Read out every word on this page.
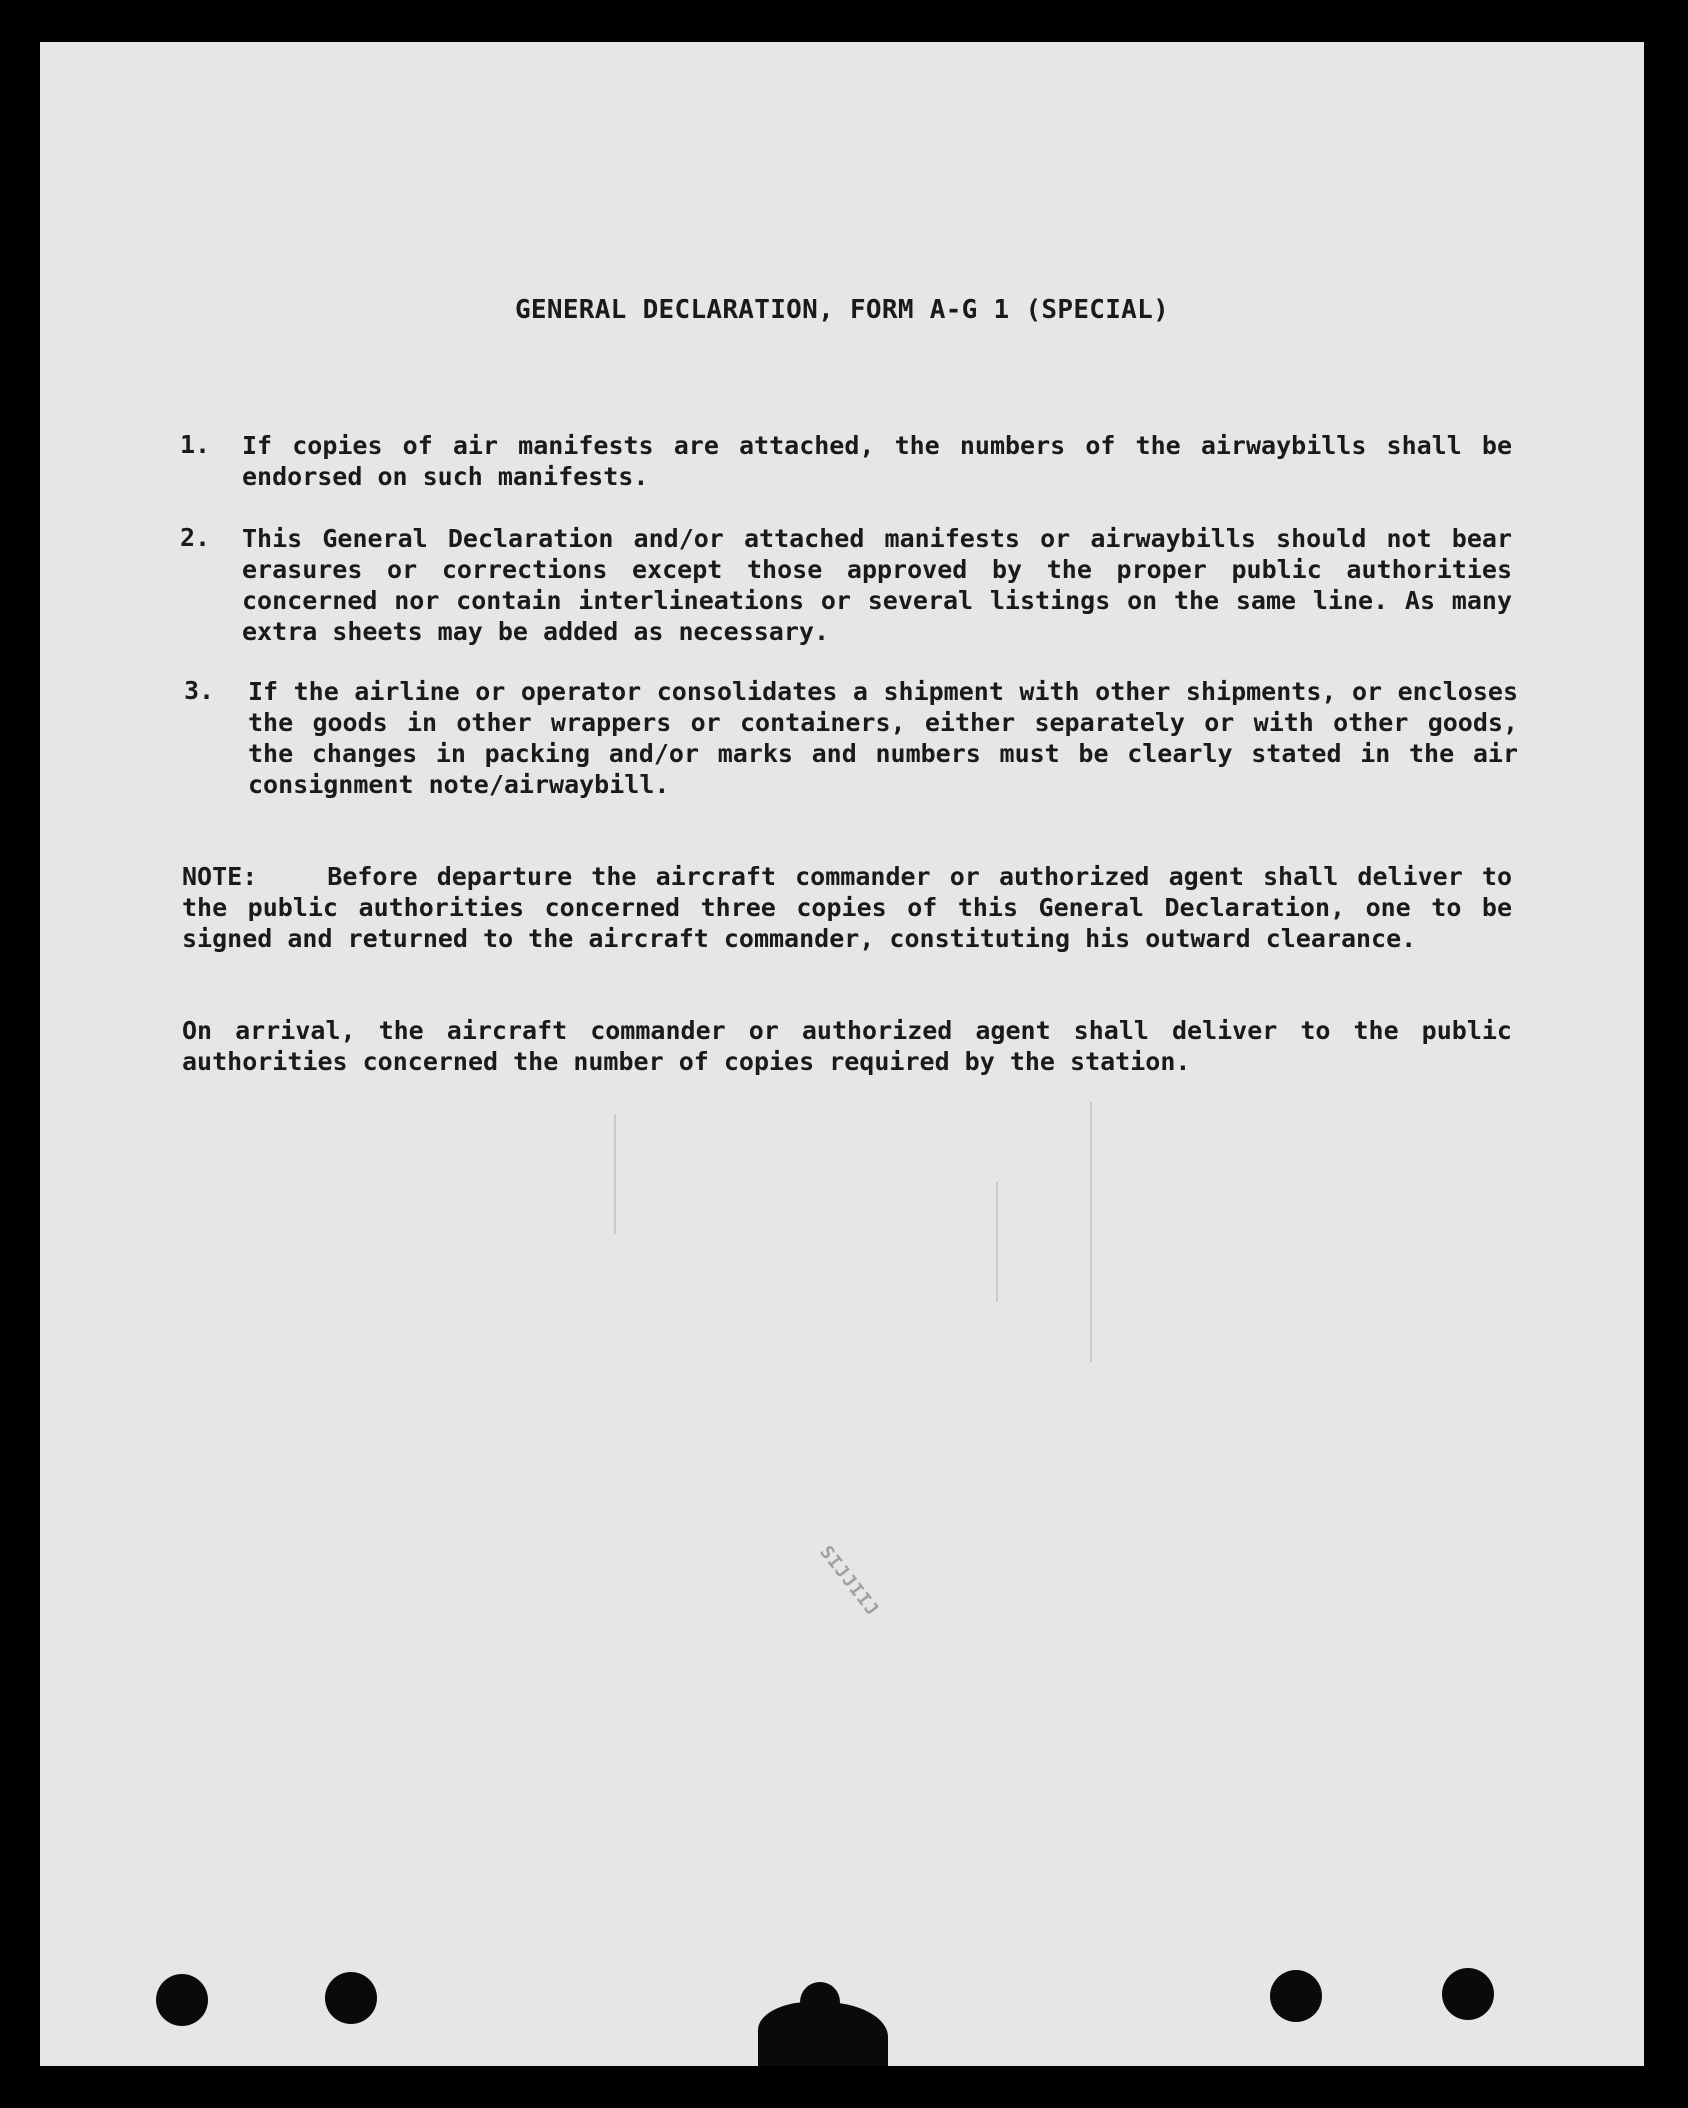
GENERAL DECLARATION, FORM A-G 1 (SPECIAL)
1. If copies of air manifests are attached, the numbers of the airwaybills shall be endorsed on such manifests.
2. This General Declaration and/or attached manifests or airwaybills should not bear erasures or corrections except those approved by the proper public authorities concerned nor contain interlineations or several listings on the same line. As many extra sheets may be added as necessary.
3. If the airline or operator consolidates a shipment with other shipments, or encloses the goods in other wrappers or containers, either separately or with other goods, the changes in packing and/or marks and numbers must be clearly stated in the air consignment note/airwaybill.
NOTE:	Before departure the aircraft commander or authorized agent shall deliver to the public authorities concerned three copies of this General Declaration, one to be signed and returned to the aircraft commander, constituting his outward clearance.
On arrival, the aircraft commander or authorized agent shall deliver to the public authorities concerned the number of copies required by the station.
SIJJIIJ
